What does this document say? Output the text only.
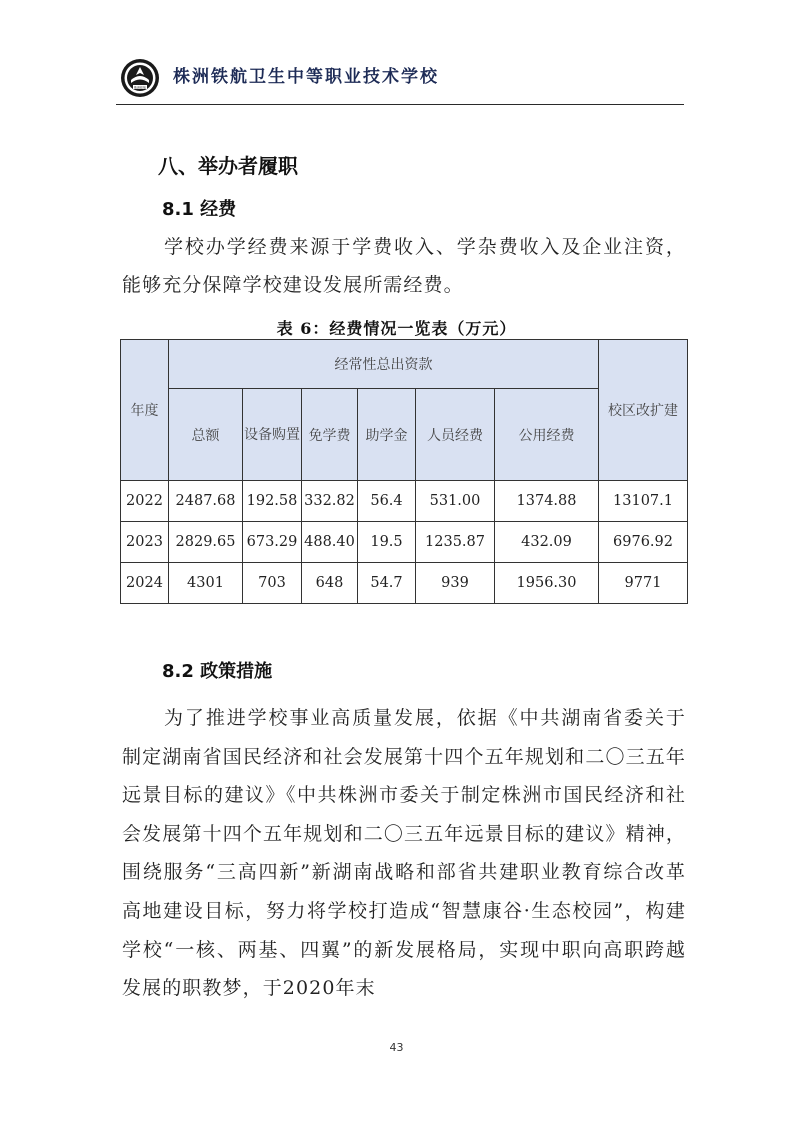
株洲铁航
株洲铁航卫生中等职业技术学校
八、举办者履职
8.1 经费
学校办学经费来源于学费收入、学杂费收入及企业注资，能够充分保障学校建设发展所需经费。
表 6：经费情况一览表（万元）
年度	经常性总出资款						校区改扩建
	总额	设备购置	免学费	助学金	人员经费	公用经费	
2022	2487.68	192.58	332.82	56.4	531.00	1374.88	13107.1
2023	2829.65	673.29	488.40	19.5	1235.87	432.09	6976.92
2024	4301	703	648	54.7	939	1956.30	9771
8.2 政策措施
为了推进学校事业高质量发展，依据《中共湖南省委关于制定湖南省国民经济和社会发展第十四个五年规划和二〇三五年远景目标的建议》《中共株洲市委关于制定株洲市国民经济和社会发展第十四个五年规划和二〇三五年远景目标的建议》精神，围绕服务“三高四新”新湖南战略和部省共建职业教育综合改革高地建设目标，努力将学校打造成“智慧康谷·生态校园”，构建学校“一核、两基、四翼”的新发展格局，实现中职向高职跨越发展的职教梦，于2020年末
43
